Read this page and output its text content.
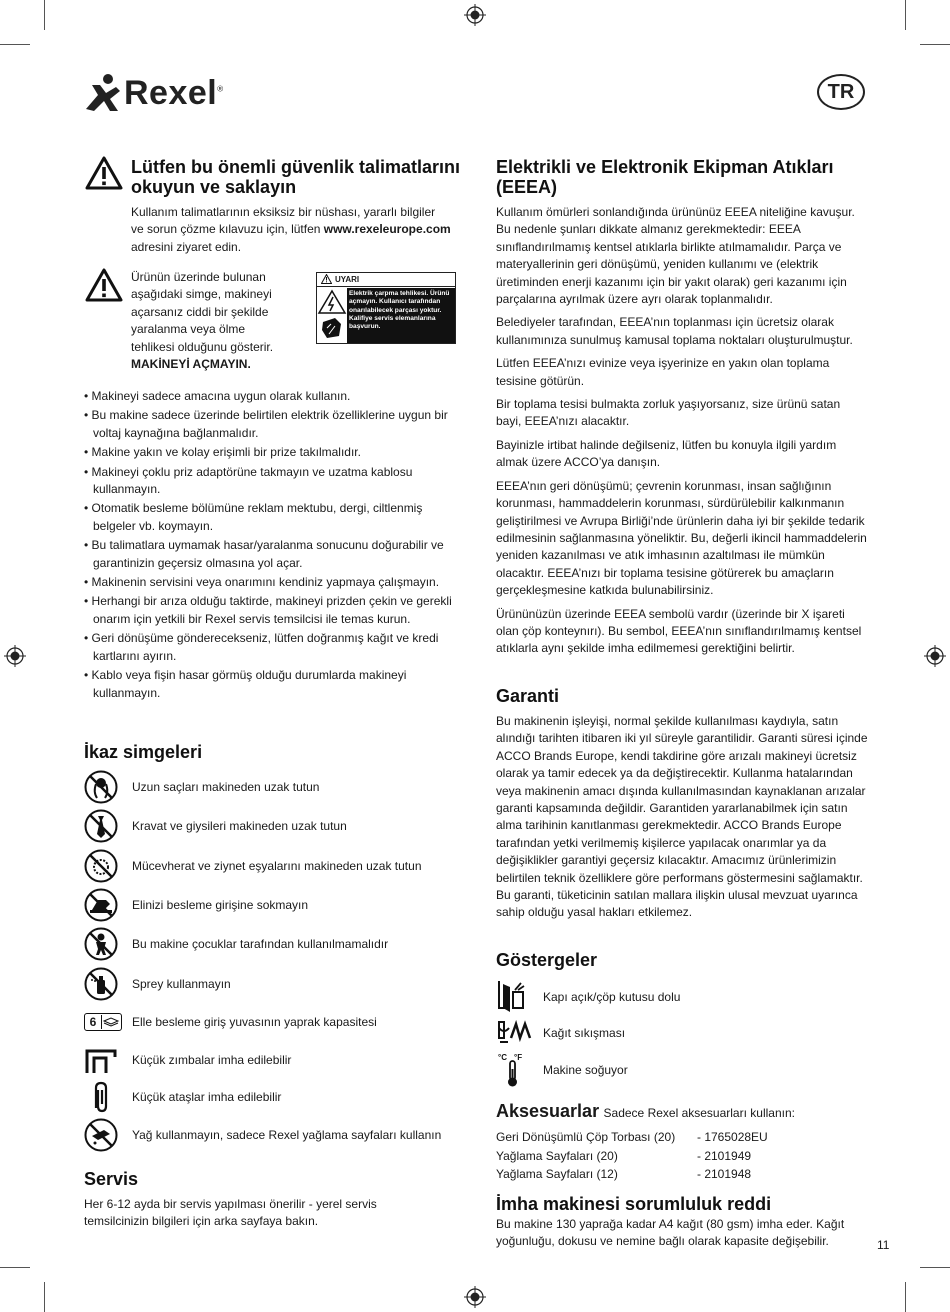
Rexel®	TR
Lütfen bu önemli güvenlik talimatlarını okuyun ve saklayın

Kullanım talimatlarının eksiksiz bir nüshası, yararlı bilgiler ve sorun çözme kılavuzu için, lütfen www.rexeleurope.com adresini ziyaret edin.

Ürünün üzerinde bulunan aşağıdaki simge, makineyi açarsanız ciddi bir şekilde yaralanma veya ölme tehlikesi olduğunu gösterir.
MAKİNEYİ AÇMAYIN.

UYARI
Elektrik çarpma tehlikesi. Ürünü açmayın. Kullanıcı tarafından onarılabilecek parçası yoktur. Kalifiye servis elemanlarına başvurun.
• Makineyi sadece amacına uygun olarak kullanın.
• Bu makine sadece üzerinde belirtilen elektrik özelliklerine uygun bir voltaj kaynağına bağlanmalıdır.
• Makine yakın ve kolay erişimli bir prize takılmalıdır.
• Makineyi çoklu priz adaptörüne takmayın ve uzatma kablosu kullanmayın.
• Otomatik besleme bölümüne reklam mektubu, dergi, ciltlenmiş belgeler vb. koymayın.
• Bu talimatlara uymamak hasar/yaralanma sonucunu doğurabilir ve garantinizin geçersiz olmasına yol açar.
• Makinenin servisini veya onarımını kendiniz yapmaya çalışmayın.
• Herhangi bir arıza olduğu taktirde, makineyi prizden çekin ve gerekli onarım için yetkili bir Rexel servis temsilcisi ile temas kurun.
• Geri dönüşüme gönderecekseniz, lütfen doğranmış kağıt ve kredi kartlarını ayırın.
• Kablo veya fişin hasar görmüş olduğu durumlarda makineyi kullanmayın.
İkaz simgeleri
Uzun saçları makineden uzak tutun
Kravat ve giysileri makineden uzak tutun
Mücevherat ve ziynet eşyalarını makineden uzak tutun
Elinizi besleme girişine sokmayın
Bu makine çocuklar tarafından kullanılmamalıdır
Sprey kullanmayın
6	Elle besleme giriş yuvasının yaprak kapasitesi
Küçük zımbalar imha edilebilir
Küçük ataşlar imha edilebilir
Yağ kullanmayın, sadece Rexel yağlama sayfaları kullanın
Servis

Her 6-12 ayda bir servis yapılması önerilir - yerel servis temsilcinizin bilgileri için arka sayfaya bakın.

Elektrikli ve Elektronik Ekipman Atıkları (EEEA)

Kullanım ömürleri sonlandığında ürününüz EEEA niteliğine kavuşur. Bu nedenle şunları dikkate almanız gerekmektedir: EEEA sınıflandırılmamış kentsel atıklarla birlikte atılmamalıdır. Parça ve materyallerinin geri dönüşümü, yeniden kullanımı ve (elektrik üretiminden enerji kazanımı için bir yakıt olarak) geri kazanımı için parçalarına ayrılmak üzere ayrı olarak toplanmalıdır.

Belediyeler tarafından, EEEA’nın toplanması için ücretsiz olarak kullanımınıza sunulmuş kamusal toplama noktaları oluşturulmuştur.

Lütfen EEEA’nızı evinize veya işyerinize en yakın olan toplama tesisine götürün.

Bir toplama tesisi bulmakta zorluk yaşıyorsanız, size ürünü satan bayi, EEEA’nızı alacaktır.

Bayinizle irtibat halinde değilseniz, lütfen bu konuyla ilgili yardım almak üzere ACCO’ya danışın.

EEEA’nın geri dönüşümü; çevrenin korunması, insan sağlığının korunması, hammaddelerin korunması, sürdürülebilir kalkınmanın geliştirilmesi ve Avrupa Birliği’nde ürünlerin daha iyi bir şekilde tedarik edilmesinin sağlanmasına yöneliktir. Bu, değerli ikincil hammaddelerin yeniden kazanılması ve atık imhasının azaltılması ile mümkün olacaktır. EEEA’nızı bir toplama tesisine götürerek bu amaçların gerçekleşmesine katkıda bulunabilirsiniz.

Ürününüzün üzerinde EEEA sembolü vardır (üzerinde bir X işareti olan çöp konteynırı). Bu sembol, EEEA’nın sınıflandırılmamış kentsel atıklarla aynı şekilde imha edilmemesi gerektiğini belirtir.

Garanti

Bu makinenin işleyişi, normal şekilde kullanılması kaydıyla, satın alındığı tarihten itibaren iki yıl süreyle garantilidir. Garanti süresi içinde ACCO Brands Europe, kendi takdirine göre arızalı makineyi ücretsiz olarak ya tamir edecek ya da değiştirecektir. Kullanma hatalarından veya makinenin amacı dışında kullanılmasından kaynaklanan arızalar garanti kapsamında değildir. Garantiden yararlanabilmek için satın alma tarihinin kanıtlanması gerekmektedir. ACCO Brands Europe tarafından yetki verilmemiş kişilerce yapılacak onarımlar ya da değişiklikler garantiyi geçersiz kılacaktır. Amacımız ürünlerimizin belirtilen teknik özelliklere göre performans göstermesini sağlamaktır. Bu garanti, tüketicinin satılan mallara ilişkin ulusal mevzuat uyarınca sahip olduğu yasal hakları etkilemez.

Göstergeler
Kapı açık/çöp kutusu dolu
Kağıt sıkışması
°C °F
Makine soğuyor
Aksesuarlar Sadece Rexel aksesuarları kullanın:
Geri Dönüşümlü Çöp Torbası (20)	- 1765028EU
Yağlama Sayfaları (20)	- 2101949
Yağlama Sayfaları (12)	- 2101948
İmha makinesi sorumluluk reddi

Bu makine 130 yaprağa kadar A4 kağıt (80 gsm) imha eder. Kağıt yoğunluğu, dokusu ve nemine bağlı olarak kapasite değişebilir.	11
